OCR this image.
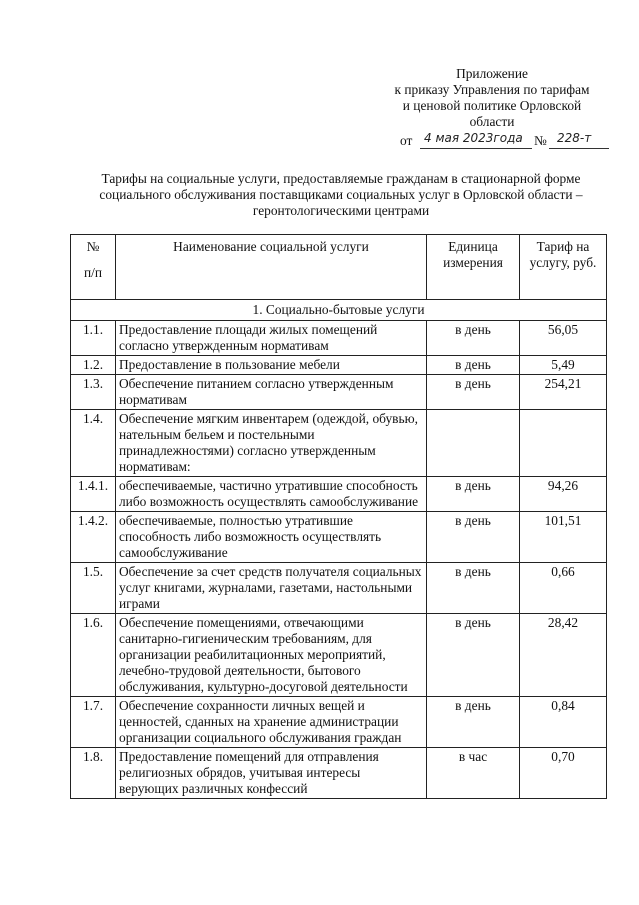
Приложение
к приказу Управления по тарифам
и ценовой политике Орловской
области
от 4 мая 2023года № 228-т
Тарифы на социальные услуги, предоставляемые гражданам в стационарной форме социального обслуживания поставщиками социальных услуг в Орловской области – геронтологическими центрами
№
п/п	Наименование социальной услуги	Единица измерения	Тариф на услугу, руб.
1. Социально-бытовые услуги			
1.1.	Предоставление площади жилых помещений согласно утвержденным нормативам	в день	56,05
1.2.	Предоставление в пользование мебели	в день	5,49
1.3.	Обеспечение питанием согласно утвержденным нормативам	в день	254,21
1.4.	Обеспечение мягким инвентарем (одеждой, обувью, нательным бельем и постельными принадлежностями) согласно утвержденным нормативам:		
1.4.1.	обеспечиваемые, частично утратившие способность либо возможность осуществлять самообслуживание	в день	94,26
1.4.2.	обеспечиваемые, полностью утратившие способность либо возможность осуществлять самообслуживание	в день	101,51
1.5.	Обеспечение за счет средств получателя социальных услуг книгами, журналами, газетами, настольными играми	в день	0,66
1.6.	Обеспечение помещениями, отвечающими санитарно-гигиеническим требованиям, для организации реабилитационных мероприятий, лечебно-трудовой деятельности, бытового обслуживания, культурно-досуговой деятельности	в день	28,42
1.7.	Обеспечение сохранности личных вещей и ценностей, сданных на хранение администрации организации социального обслуживания граждан	в день	0,84
1.8.	Предоставление помещений для отправления религиозных обрядов, учитывая интересы верующих различных конфессий	в час	0,70
